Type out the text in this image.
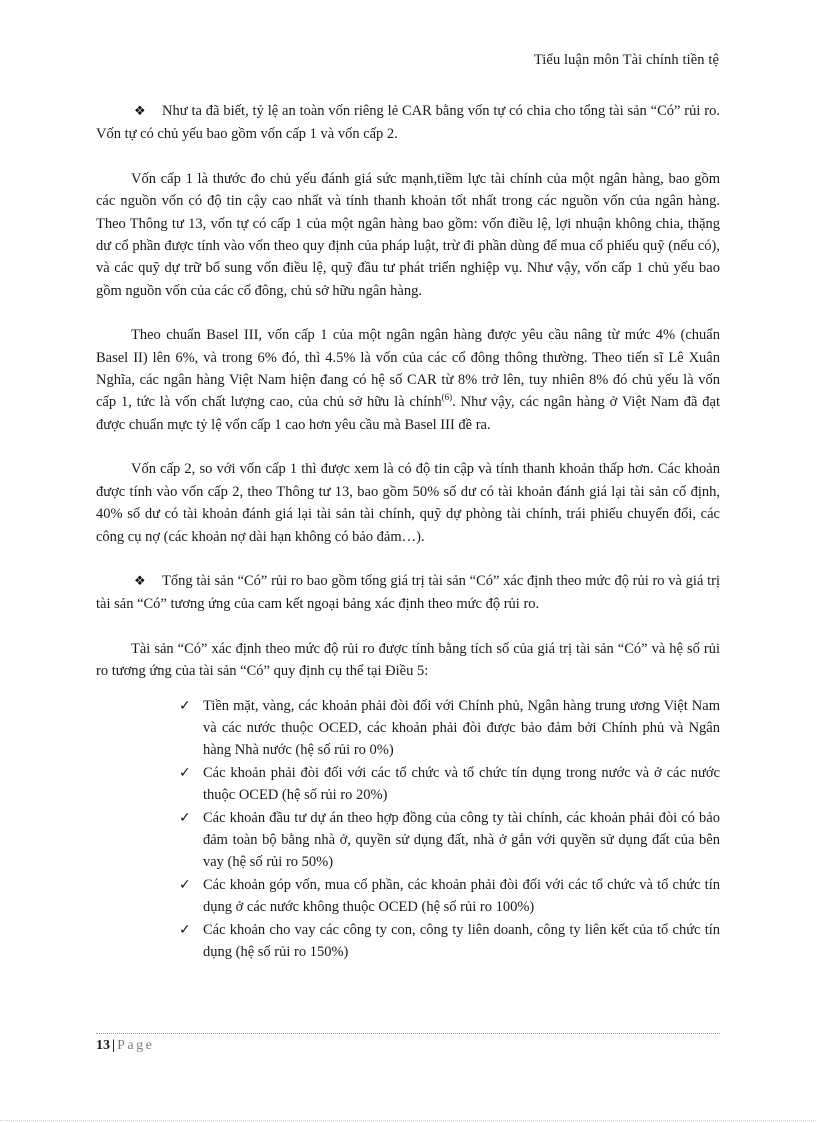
Tiểu luận môn Tài chính tiền tệ

❖ Như ta đã biết, tỷ lệ an toàn vốn riêng lẻ CAR bằng vốn tự có chia cho tổng tài sản “Có” rủi ro. Vốn tự có chủ yếu bao gồm vốn cấp 1 và vốn cấp 2.

Vốn cấp 1 là thước đo chủ yếu đánh giá sức mạnh,tiềm lực tài chính của một ngân hàng, bao gồm các nguồn vốn có độ tin cậy cao nhất và tính thanh khoản tốt nhất trong các nguồn vốn của ngân hàng. Theo Thông tư 13, vốn tự có cấp 1 của một ngân hàng bao gồm: vốn điều lệ, lợi nhuận không chia, thặng dư cổ phần được tính vào vốn theo quy định của pháp luật, trừ đi phần dùng để mua cổ phiếu quỹ (nếu có), và các quỹ dự trữ bổ sung vốn điều lệ, quỹ đầu tư phát triển nghiệp vụ. Như vậy, vốn cấp 1 chủ yếu bao gồm nguồn vốn của các cổ đông, chủ sở hữu ngân hàng.

Theo chuẩn Basel III, vốn cấp 1 của một ngân ngân hàng được yêu cầu nâng từ mức 4% (chuẩn Basel II) lên 6%, và trong 6% đó, thì 4.5% là vốn của các cổ đông thông thường. Theo tiến sĩ Lê Xuân Nghĩa, các ngân hàng Việt Nam hiện đang có hệ số CAR từ 8% trở lên, tuy nhiên 8% đó chủ yếu là vốn cấp 1, tức là vốn chất lượng cao, của chủ sở hữu là chính$^{(6)}$. Như vậy, các ngân hàng ở Việt Nam đã đạt được chuẩn mực tỷ lệ vốn cấp 1 cao hơn yêu cầu mà Basel III đề ra.

Vốn cấp 2, so với vốn cấp 1 thì được xem là có độ tin cập và tính thanh khoản thấp hơn. Các khoản được tính vào vốn cấp 2, theo Thông tư 13, bao gồm 50% số dư có tài khoản đánh giá lại tài sản cố định, 40% số dư có tài khoản đánh giá lại tài sản tài chính, quỹ dự phòng tài chính, trái phiếu chuyển đổi, các công cụ nợ (các khoản nợ dài hạn không có bảo đảm…).

❖ Tổng tài sản “Có” rủi ro bao gồm tổng giá trị tài sản “Có” xác định theo mức độ rủi ro và giá trị tài sản “Có” tương ứng của cam kết ngoại bảng xác định theo mức độ rủi ro.

Tài sản “Có” xác định theo mức độ rủi ro được tính bằng tích số của giá trị tài sản “Có” và hệ số rủi ro tương ứng của tài sản “Có” quy định cụ thể tại Điều 5:

✓ Tiền mặt, vàng, các khoản phải đòi đối với Chính phủ, Ngân hàng trung ương Việt Nam và các nước thuộc OCED, các khoản phải đòi được bảo đảm bởi Chính phủ và Ngân hàng Nhà nước (hệ số rủi ro 0%)
✓ Các khoản phải đòi đối với các tổ chức và tổ chức tín dụng trong nước và ở các nước thuộc OCED (hệ số rủi ro 20%)
✓ Các khoản đầu tư dự án theo hợp đồng của công ty tài chính, các khoản phải đòi có bảo đảm toàn bộ bằng nhà ở, quyền sử dụng đất, nhà ở gắn với quyền sử dụng đất của bên vay (hệ số rủi ro 50%)
✓ Các khoản góp vốn, mua cổ phần, các khoản phải đòi đối với các tổ chức và tổ chức tín dụng ở các nước không thuộc OCED (hệ số rủi ro 100%)
✓ Các khoản cho vay các công ty con, công ty liên doanh, công ty liên kết của tổ chức tín dụng (hệ số rủi ro 150%)
13 | Page
